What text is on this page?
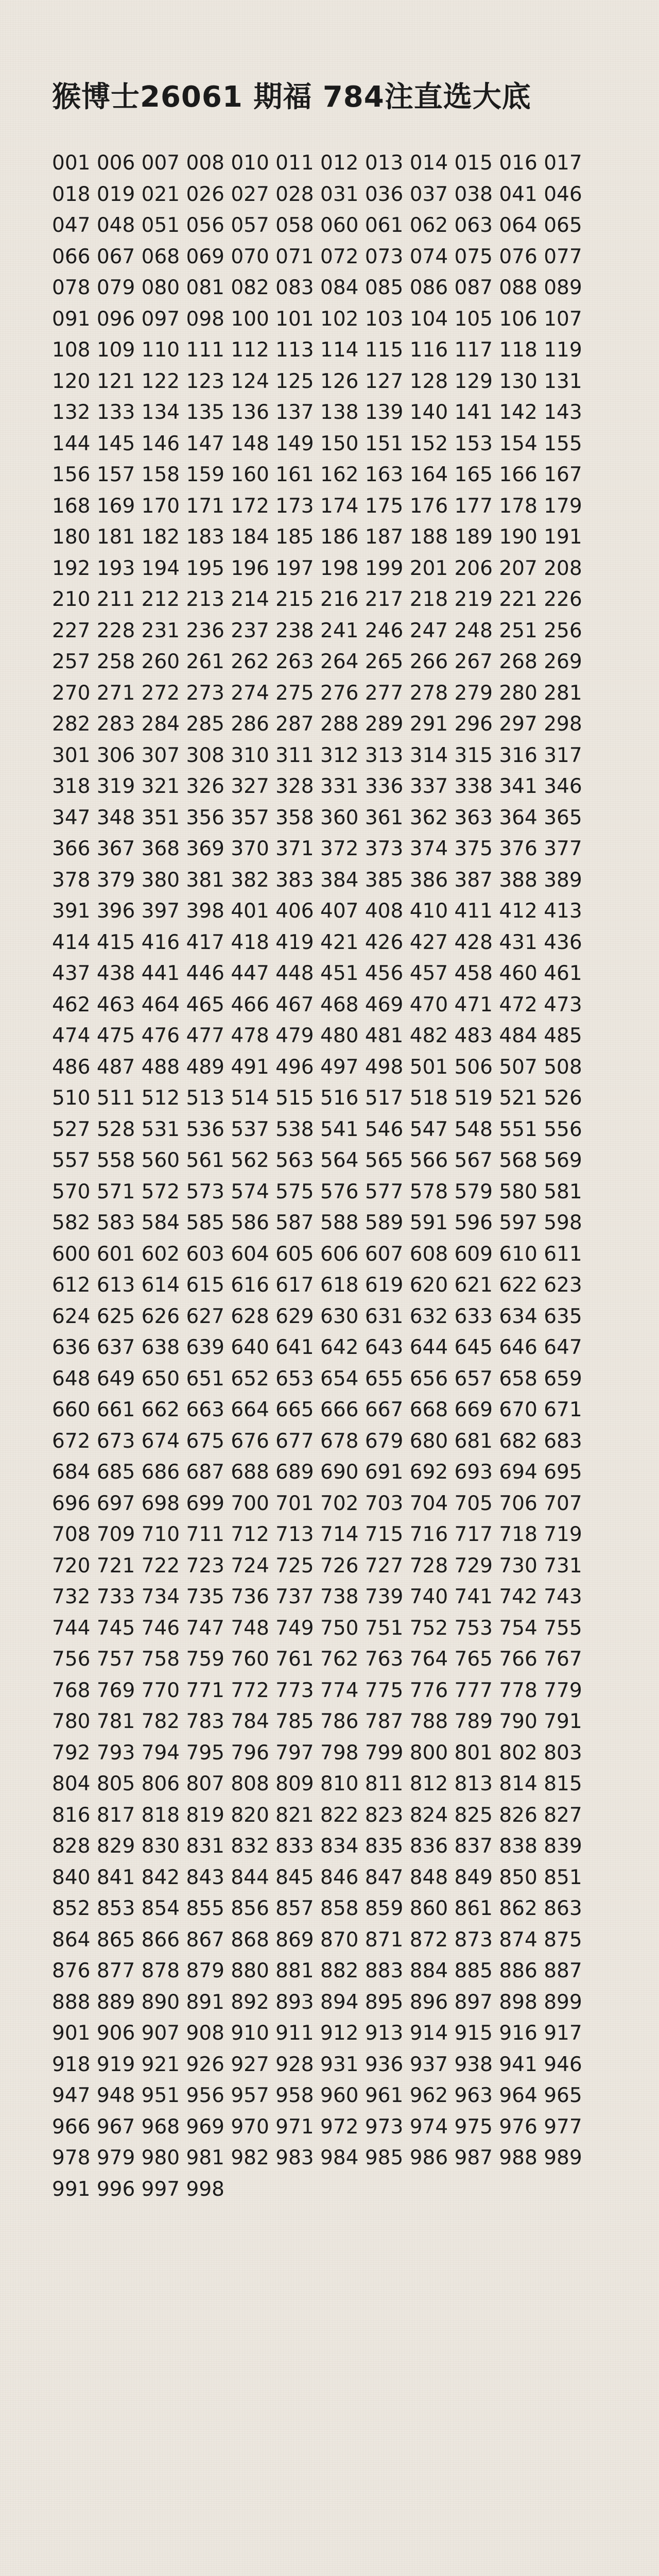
猴博士26061 期福 784注直选大底
001 006 007 008 010 011 012 013 014 015 016 017 018 019 021 026 027 028 031 036 037 038 041 046 047 048 051 056 057 058 060 061 062 063 064 065 066 067 068 069 070 071 072 073 074 075 076 077 078 079 080 081 082 083 084 085 086 087 088 089 091 096 097 098 100 101 102 103 104 105 106 107 108 109 110 111 112 113 114 115 116 117 118 119 120 121 122 123 124 125 126 127 128 129 130 131 132 133 134 135 136 137 138 139 140 141 142 143 144 145 146 147 148 149 150 151 152 153 154 155 156 157 158 159 160 161 162 163 164 165 166 167 168 169 170 171 172 173 174 175 176 177 178 179 180 181 182 183 184 185 186 187 188 189 190 191 192 193 194 195 196 197 198 199 201 206 207 208 210 211 212 213 214 215 216 217 218 219 221 226 227 228 231 236 237 238 241 246 247 248 251 256 257 258 260 261 262 263 264 265 266 267 268 269 270 271 272 273 274 275 276 277 278 279 280 281 282 283 284 285 286 287 288 289 291 296 297 298 301 306 307 308 310 311 312 313 314 315 316 317 318 319 321 326 327 328 331 336 337 338 341 346 347 348 351 356 357 358 360 361 362 363 364 365 366 367 368 369 370 371 372 373 374 375 376 377 378 379 380 381 382 383 384 385 386 387 388 389 391 396 397 398 401 406 407 408 410 411 412 413 414 415 416 417 418 419 421 426 427 428 431 436 437 438 441 446 447 448 451 456 457 458 460 461 462 463 464 465 466 467 468 469 470 471 472 473 474 475 476 477 478 479 480 481 482 483 484 485 486 487 488 489 491 496 497 498 501 506 507 508 510 511 512 513 514 515 516 517 518 519 521 526 527 528 531 536 537 538 541 546 547 548 551 556 557 558 560 561 562 563 564 565 566 567 568 569 570 571 572 573 574 575 576 577 578 579 580 581 582 583 584 585 586 587 588 589 591 596 597 598 600 601 602 603 604 605 606 607 608 609 610 611 612 613 614 615 616 617 618 619 620 621 622 623 624 625 626 627 628 629 630 631 632 633 634 635 636 637 638 639 640 641 642 643 644 645 646 647 648 649 650 651 652 653 654 655 656 657 658 659 660 661 662 663 664 665 666 667 668 669 670 671 672 673 674 675 676 677 678 679 680 681 682 683 684 685 686 687 688 689 690 691 692 693 694 695 696 697 698 699 700 701 702 703 704 705 706 707 708 709 710 711 712 713 714 715 716 717 718 719 720 721 722 723 724 725 726 727 728 729 730 731 732 733 734 735 736 737 738 739 740 741 742 743 744 745 746 747 748 749 750 751 752 753 754 755 756 757 758 759 760 761 762 763 764 765 766 767 768 769 770 771 772 773 774 775 776 777 778 779 780 781 782 783 784 785 786 787 788 789 790 791 792 793 794 795 796 797 798 799 800 801 802 803 804 805 806 807 808 809 810 811 812 813 814 815 816 817 818 819 820 821 822 823 824 825 826 827 828 829 830 831 832 833 834 835 836 837 838 839 840 841 842 843 844 845 846 847 848 849 850 851 852 853 854 855 856 857 858 859 860 861 862 863 864 865 866 867 868 869 870 871 872 873 874 875 876 877 878 879 880 881 882 883 884 885 886 887 888 889 890 891 892 893 894 895 896 897 898 899 901 906 907 908 910 911 912 913 914 915 916 917 918 919 921 926 927 928 931 936 937 938 941 946 947 948 951 956 957 958 960 961 962 963 964 965 966 967 968 969 970 971 972 973 974 975 976 977 978 979 980 981 982 983 984 985 986 987 988 989 991 996 997 998
